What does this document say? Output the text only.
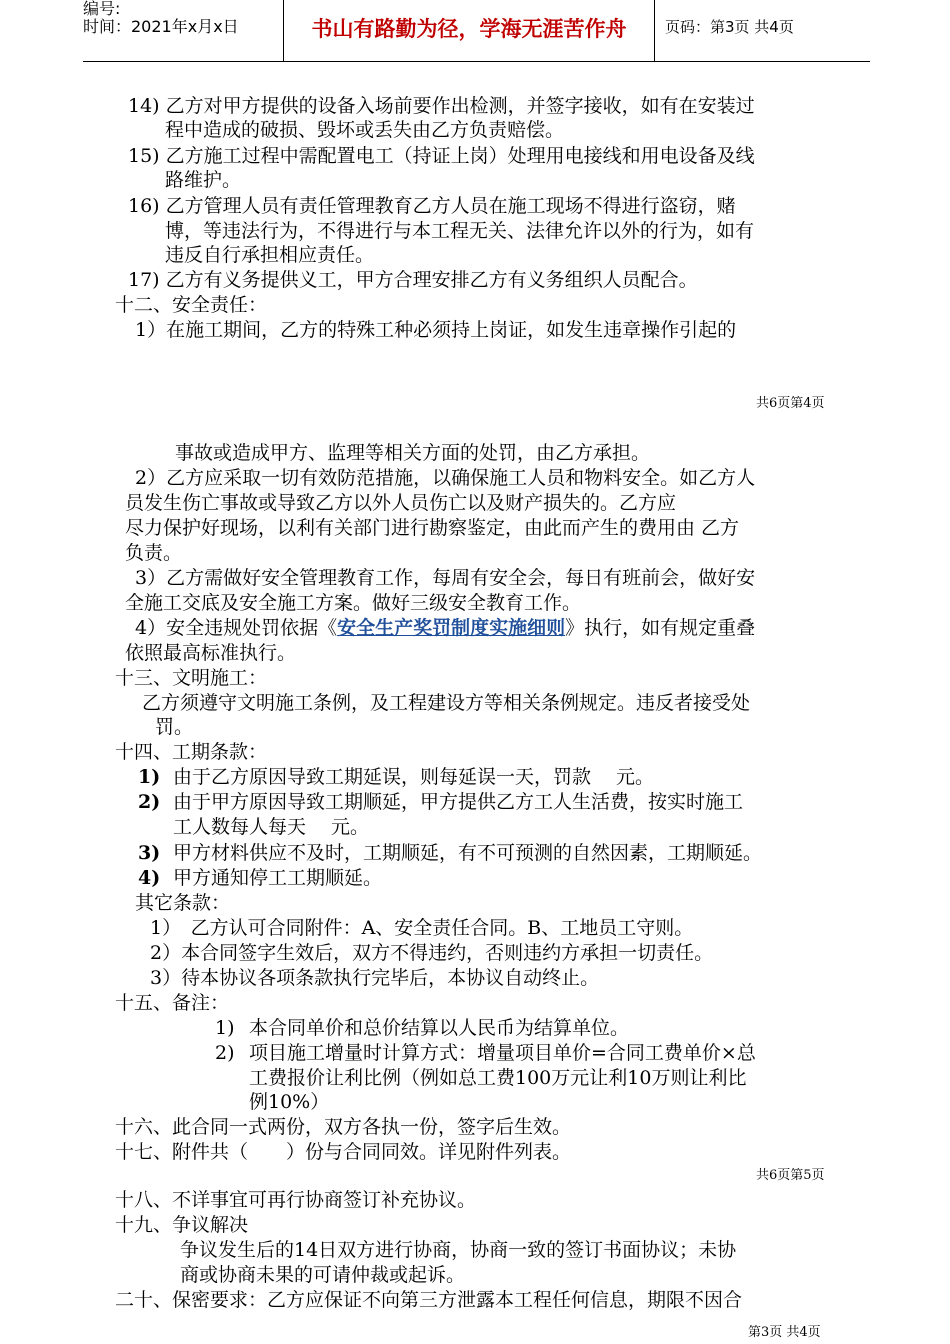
编号:
时间：2021年x月x日	书山有路勤为径，学海无涯苦作舟	页码：第3页 共4页
14) 乙方对甲方提供的设备入场前要作出检测，并签字接收，如有在安装过
程中造成的破损、毁坏或丢失由乙方负责赔偿。
15) 乙方施工过程中需配置电工（持证上岗）处理用电接线和用电设备及线
路维护。
16) 乙方管理人员有责任管理教育乙方人员在施工现场不得进行盗窃，赌
博，等违法行为，不得进行与本工程无关、法律允许以外的行为，如有
违反自行承担相应责任。
17) 乙方有义务提供义工，甲方合理安排乙方有义务组织人员配合。
十二、安全责任：
1）在施工期间，乙方的特殊工种必须持上岗证，如发生违章操作引起的
共6页第4页
事故或造成甲方、监理等相关方面的处罚，由乙方承担。
2）乙方应采取一切有效防范措施，以确保施工人员和物料安全。如乙方人
员发生伤亡事故或导致乙方以外人员伤亡以及财产损失的。乙方应
尽力保护好现场，以利有关部门进行勘察鉴定，由此而产生的费用由 乙方
负责。
3）乙方需做好安全管理教育工作，每周有安全会，每日有班前会，做好安
全施工交底及安全施工方案。做好三级安全教育工作。
4）安全违规处罚依据《安全生产奖罚制度实施细则》执行，如有规定重叠
依照最高标准执行。
十三、文明施工：
乙方须遵守文明施工条例，及工程建设方等相关条例规定。违反者接受处
罚。
十四、工期条款：
1) 由于乙方原因导致工期延误，则每延误一天，罚款　 元。
2) 由于甲方原因导致工期顺延，甲方提供乙方工人生活费，按实时施工
工人数每人每天　 元。
3) 甲方材料供应不及时，工期顺延，有不可预测的自然因素，工期顺延。
4) 甲方通知停工工期顺延。
其它条款：
1）　乙方认可合同附件：A、安全责任合同。B、工地员工守则。
2）本合同签字生效后，双方不得违约，否则违约方承担一切责任。
3）待本协议各项条款执行完毕后，本协议自动终止。
十五、备注：
1) 本合同单价和总价结算以人民币为结算单位。
2) 项目施工增量时计算方式：增量项目单价=合同工费单价×总
工费报价让利比例（例如总工费100万元让利10万则让利比
例10%）
十六、此合同一式两份，双方各执一份，签字后生效。
十七、附件共（　　）份与合同同效。详见附件列表。
共6页第5页
十八、不详事宜可再行协商签订补充协议。
十九、争议解决
争议发生后的14日双方进行协商，协商一致的签订书面协议；未协
商或协商未果的可请仲裁或起诉。
二十、保密要求：乙方应保证不向第三方泄露本工程任何信息，期限不因合
第3页 共4页
